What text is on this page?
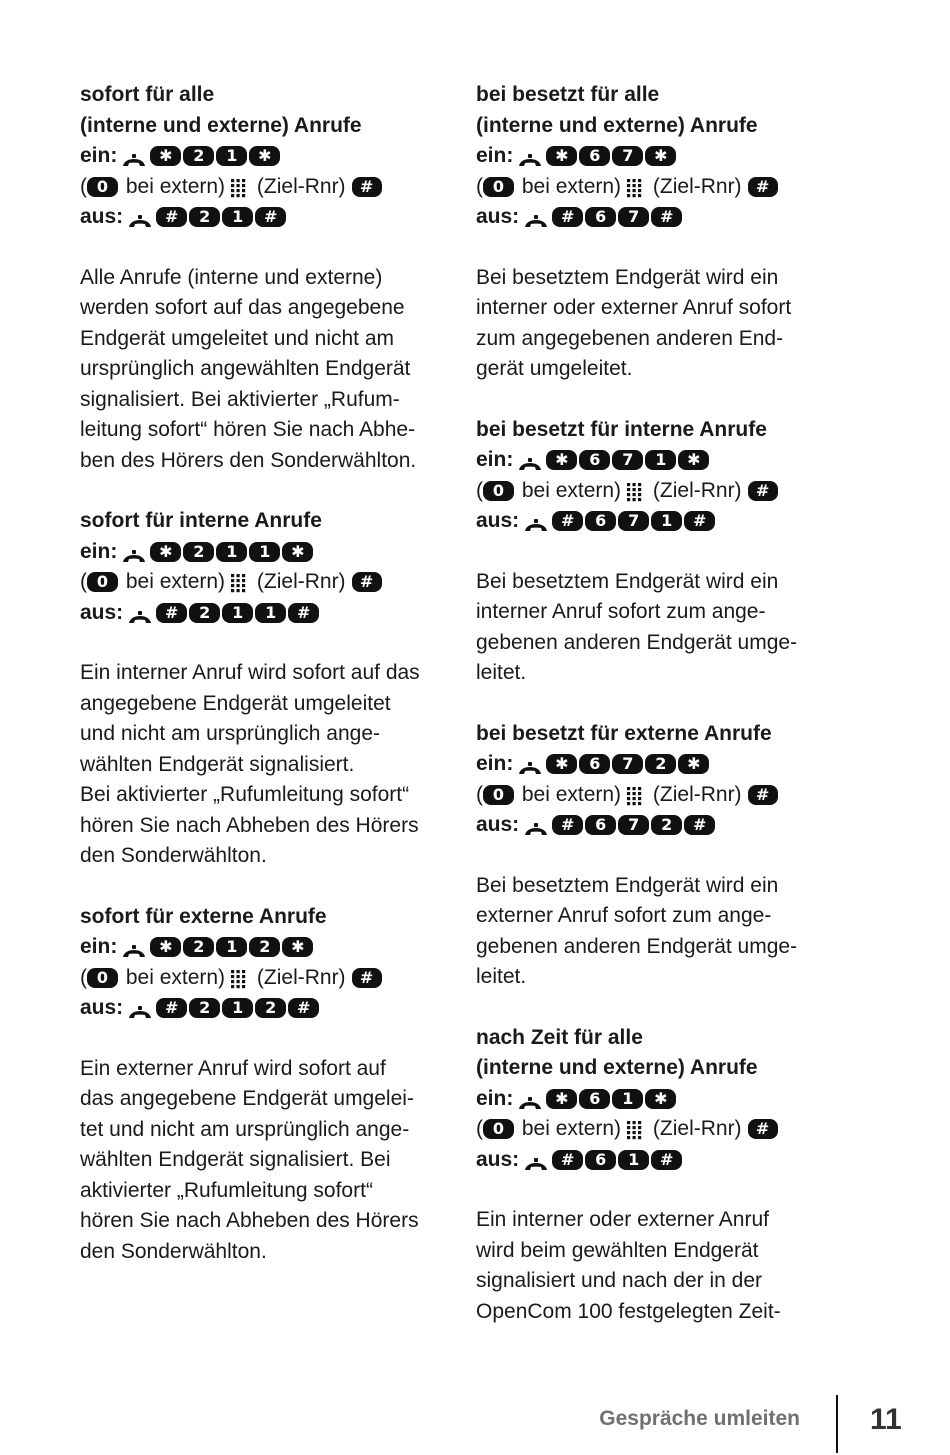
sofort für alle
(interne und externe) Anrufe

ein:	✱	2	1	✱
( 0 bei extern) (Ziel-Rnr) #
aus:	#	2	1	#

Alle Anrufe (interne und externe)
werden sofort auf das angegebene
Endgerät umgeleitet und nicht am
ursprünglich angewählten Endgerät
signalisiert. Bei aktivierter „Rufum-
leitung sofort“ hören Sie nach Abhe-
ben des Hörers den Sonderwählton.

sofort für interne Anrufe

ein:	✱	2	1	1	✱
( 0 bei extern) (Ziel-Rnr) #
aus:	#	2	1	1	#

Ein interner Anruf wird sofort auf das
angegebene Endgerät umgeleitet
und nicht am ursprünglich ange-
wählten Endgerät signalisiert.
Bei aktivierter „Rufumleitung sofort“
hören Sie nach Abheben des Hörers
den Sonderwählton.

sofort für externe Anrufe

ein:	✱	2	1	2	✱
( 0 bei extern) (Ziel-Rnr) #
aus:	#	2	1	2	#

Ein externer Anruf wird sofort auf
das angegebene Endgerät umgelei-
tet und nicht am ursprünglich ange-
wählten Endgerät signalisiert. Bei
aktivierter „Rufumleitung sofort“
hören Sie nach Abheben des Hörers
den Sonderwählton.

bei besetzt für alle
(interne und externe) Anrufe

ein:	✱	6	7	✱
( 0 bei extern) (Ziel-Rnr) #
aus:	#	6	7	#

Bei besetztem Endgerät wird ein
interner oder externer Anruf sofort
zum angegebenen anderen End-
gerät umgeleitet.

bei besetzt für interne Anrufe

ein:	✱	6	7	1	✱
( 0 bei extern) (Ziel-Rnr) #
aus:	#	6	7	1	#

Bei besetztem Endgerät wird ein
interner Anruf sofort zum ange-
gebenen anderen Endgerät umge-
leitet.

bei besetzt für externe Anrufe

ein:	✱	6	7	2	✱
( 0 bei extern) (Ziel-Rnr) #
aus:	#	6	7	2	#

Bei besetztem Endgerät wird ein
externer Anruf sofort zum ange-
gebenen anderen Endgerät umge-
leitet.

nach Zeit für alle
(interne und externe) Anrufe

ein:	✱	6	1	✱
( 0 bei extern) (Ziel-Rnr) #
aus:	#	6	1	#

Ein interner oder externer Anruf
wird beim gewählten Endgerät
signalisiert und nach der in der
OpenCom 100 festgelegten Zeit-

Gespräche umleiten 11
